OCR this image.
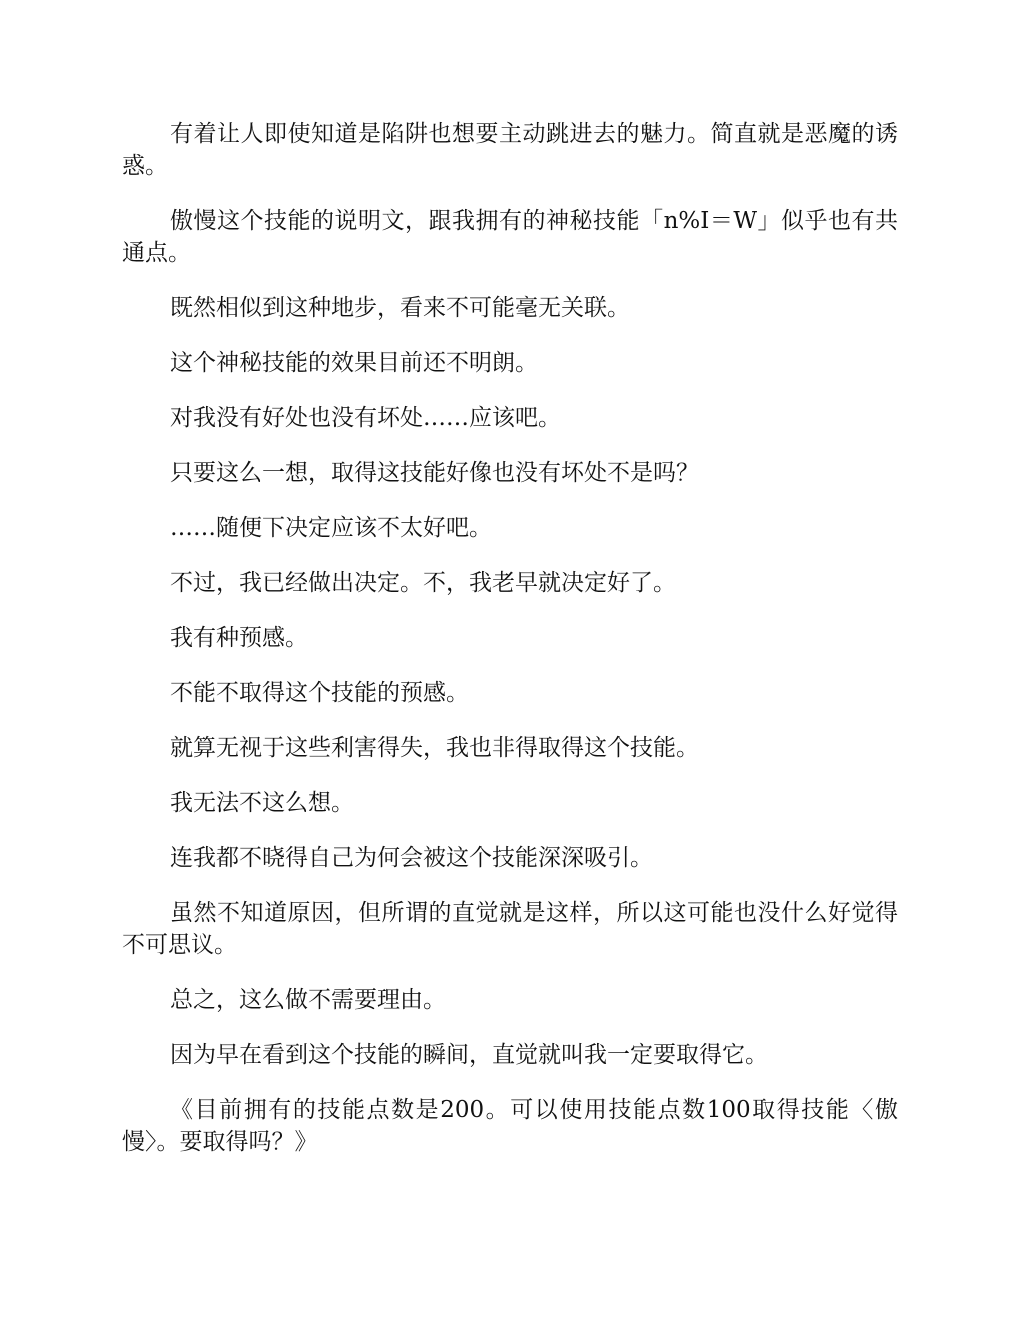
有着让人即使知道是陷阱也想要主动跳进去的魅力。简直就是恶魔的诱惑。

傲慢这个技能的说明文，跟我拥有的神秘技能「n%I＝W」似乎也有共通点。

既然相似到这种地步，看来不可能毫无关联。

这个神秘技能的效果目前还不明朗。

对我没有好处也没有坏处……应该吧。

只要这么一想，取得这技能好像也没有坏处不是吗？

……随便下决定应该不太好吧。

不过，我已经做出决定。不，我老早就决定好了。

我有种预感。

不能不取得这个技能的预感。

就算无视于这些利害得失，我也非得取得这个技能。

我无法不这么想。

连我都不晓得自己为何会被这个技能深深吸引。

虽然不知道原因，但所谓的直觉就是这样，所以这可能也没什么好觉得不可思议。

总之，这么做不需要理由。

因为早在看到这个技能的瞬间，直觉就叫我一定要取得它。

《目前拥有的技能点数是200。可以使用技能点数100取得技能〈傲慢〉。要取得吗？》
